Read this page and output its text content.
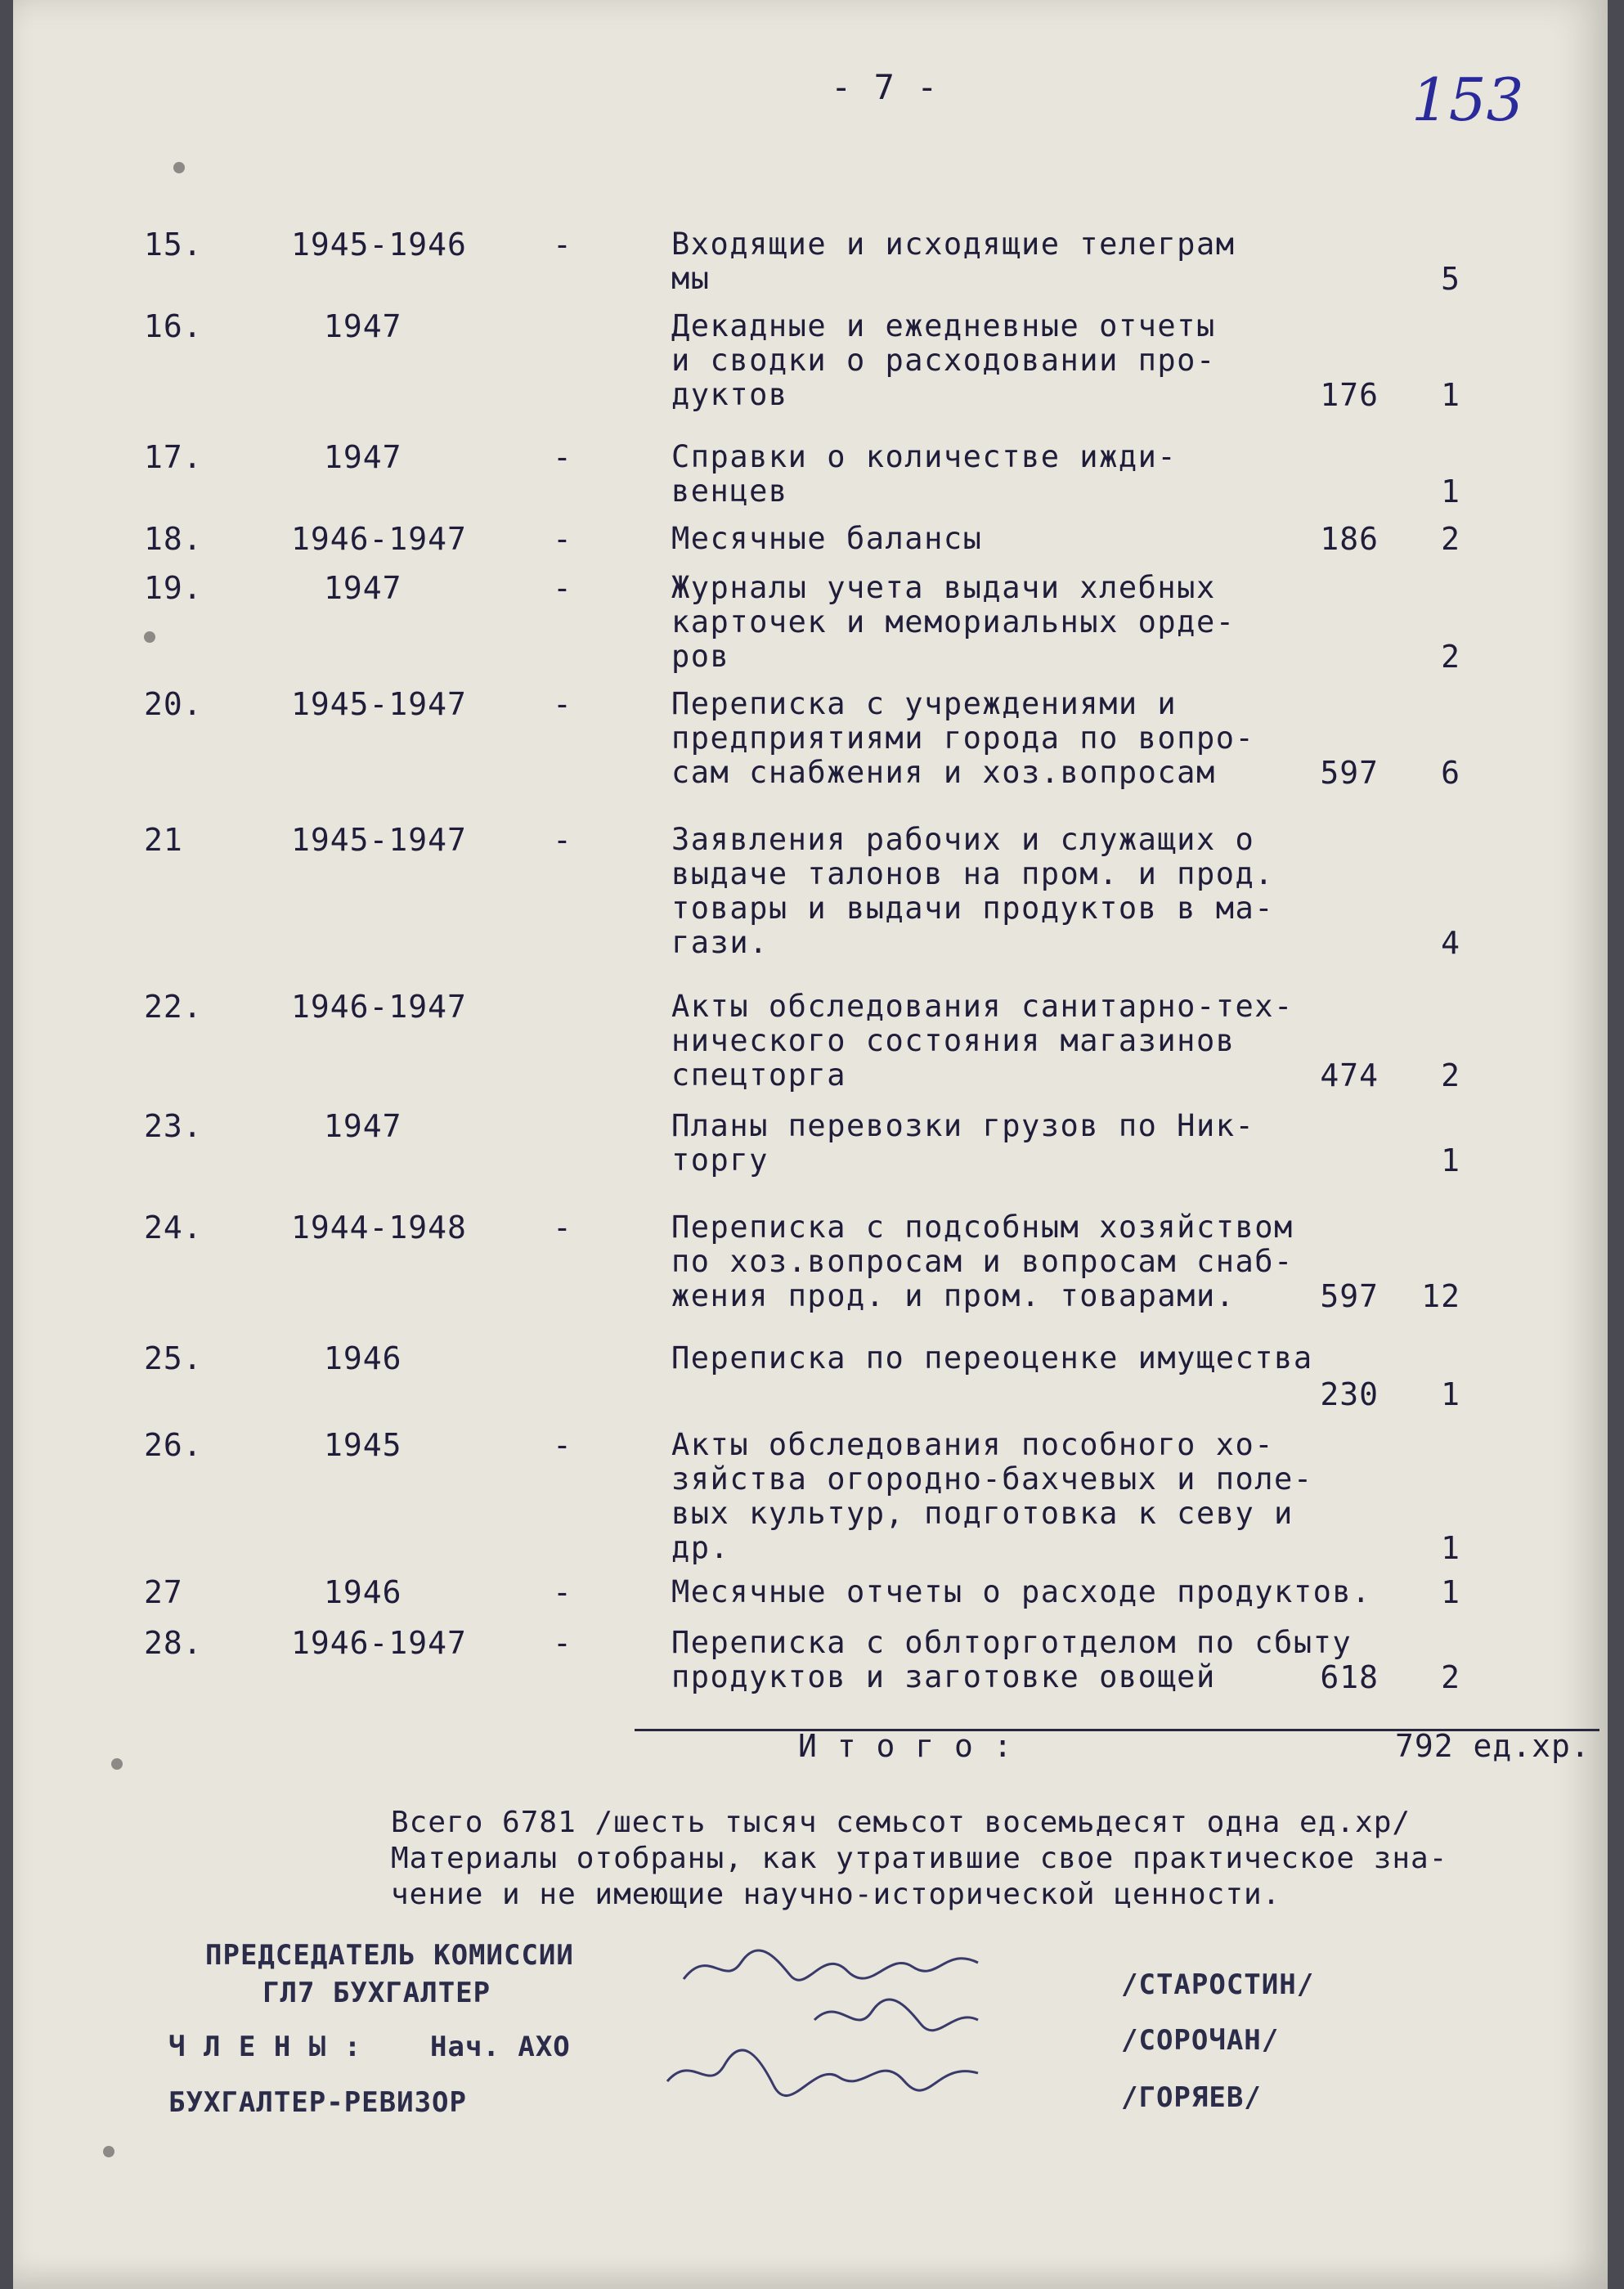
- 7 -	153
15.	1945-1946	-	Входящие и исходящие телеграм
мы	5
16.	1947	Декадные и ежедневные отчеты
и сводки о расходовании про-
дуктов	176	1
17.	1947	-	Справки о количестве ижди-
венцев	1
18.	1946-1947	-	Месячные балансы	186	2
19.	1947	-	Журналы учета выдачи хлебных
карточек и мемориальных орде-
ров	2
20.	1945-1947	-	Переписка с учреждениями и
предприятиями города по вопро-
сам снабжения и хоз.вопросам	597	6
21	1945-1947	-	Заявления рабочих и служащих о
выдаче талонов на пром. и прод.
товары и выдачи продуктов в ма-
гази.	4
22.	1946-1947	Акты обследования санитарно-тех-
нического состояния магазинов
спецторга	474	2
23.	1947	Планы перевозки грузов по Ник-
торгу	1
24.	1944-1948	-	Переписка с подсобным хозяйством
по хоз.вопросам и вопросам снаб-
жения прод. и пром. товарами.	597	12
25.	1946	Переписка по переоценке имущества
230	1
26.	1945	-	Акты обследования пособного хо-
зяйства огородно-бахчевых и поле-
вых культур, подготовка к севу и
др.	1
27	1946	-	Месячные отчеты о расходе продуктов.	1
28.	1946-1947	-	Переписка с облторготделом по сбыту
продуктов и заготовке овощей	618	2
И т о г о :	792 ед.хр.
Всего 6781 /шесть тысяч семьсот восемьдесят одна ед.хр/
Материалы отобраны, как утратившие свое практическое зна-
чение и не имеющие научно-исторической ценности.
ПРЕДСЕДАТЕЛЬ КОМИССИИ
ГЛ7 БУХГАЛТЕР
Ч Л Е Н Ы : Нач. АХО
БУХГАЛТЕР-РЕВИЗОР
/СТАРОСТИН/
/СОРОЧАН/
/ГОРЯЕВ/
